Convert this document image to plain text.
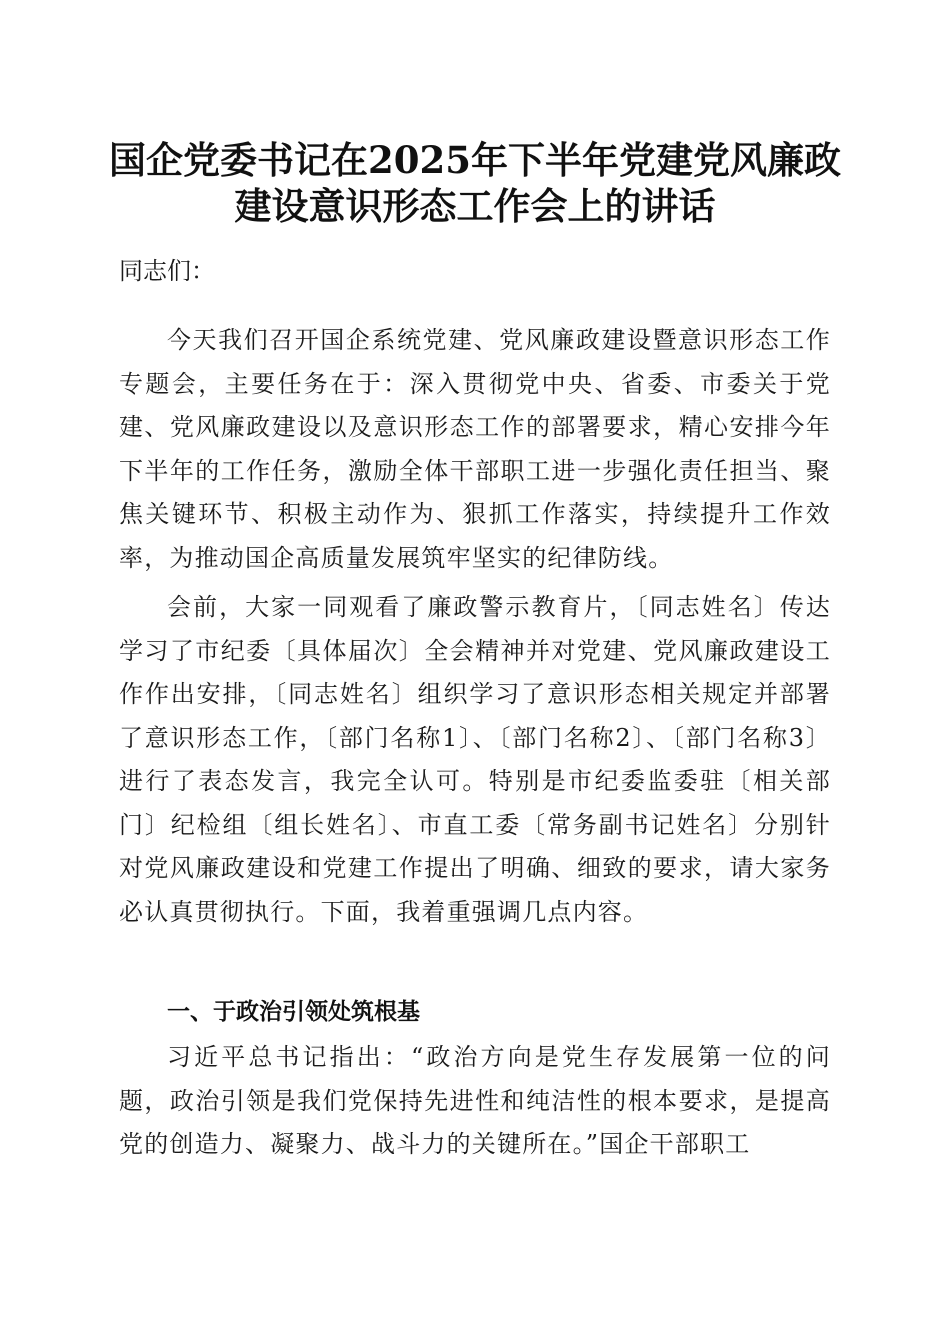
国企党委书记在2025年下半年党建党风廉政
建设意识形态工作会上的讲话
同志们：
今天我们召开国企系统党建、党风廉政建设暨意识形态工作专题会，主要任务在于：深入贯彻党中央、省委、市委关于党建、党风廉政建设以及意识形态工作的部署要求，精心安排今年下半年的工作任务，激励全体干部职工进一步强化责任担当、聚焦关键环节、积极主动作为、狠抓工作落实，持续提升工作效率，为推动国企高质量发展筑牢坚实的纪律防线。
会前，大家一同观看了廉政警示教育片，〔同志姓名〕传达学习了市纪委〔具体届次〕全会精神并对党建、党风廉政建设工作作出安排，〔同志姓名〕组织学习了意识形态相关规定并部署了意识形态工作，〔部门名称1〕、〔部门名称2〕、〔部门名称3〕进行了表态发言，我完全认可。特别是市纪委监委驻〔相关部门〕纪检组〔组长姓名〕、市直工委〔常务副书记姓名〕分别针对党风廉政建设和党建工作提出了明确、细致的要求，请大家务必认真贯彻执行。下面，我着重强调几点内容。
一、于政治引领处筑根基
习近平总书记指出：“政治方向是党生存发展第一位的问题，政治引领是我们党保持先进性和纯洁性的根本要求，是提高党的创造力、凝聚力、战斗力的关键所在。”国企干部职工
